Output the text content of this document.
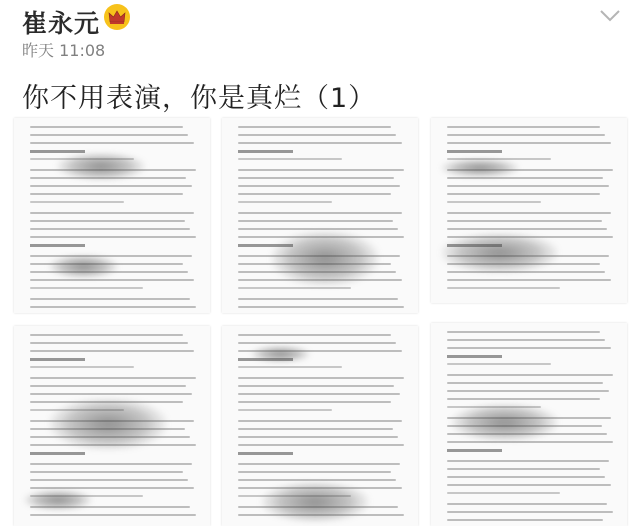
崔永元
昨天 11:08
你不用表演，你是真烂（1）
